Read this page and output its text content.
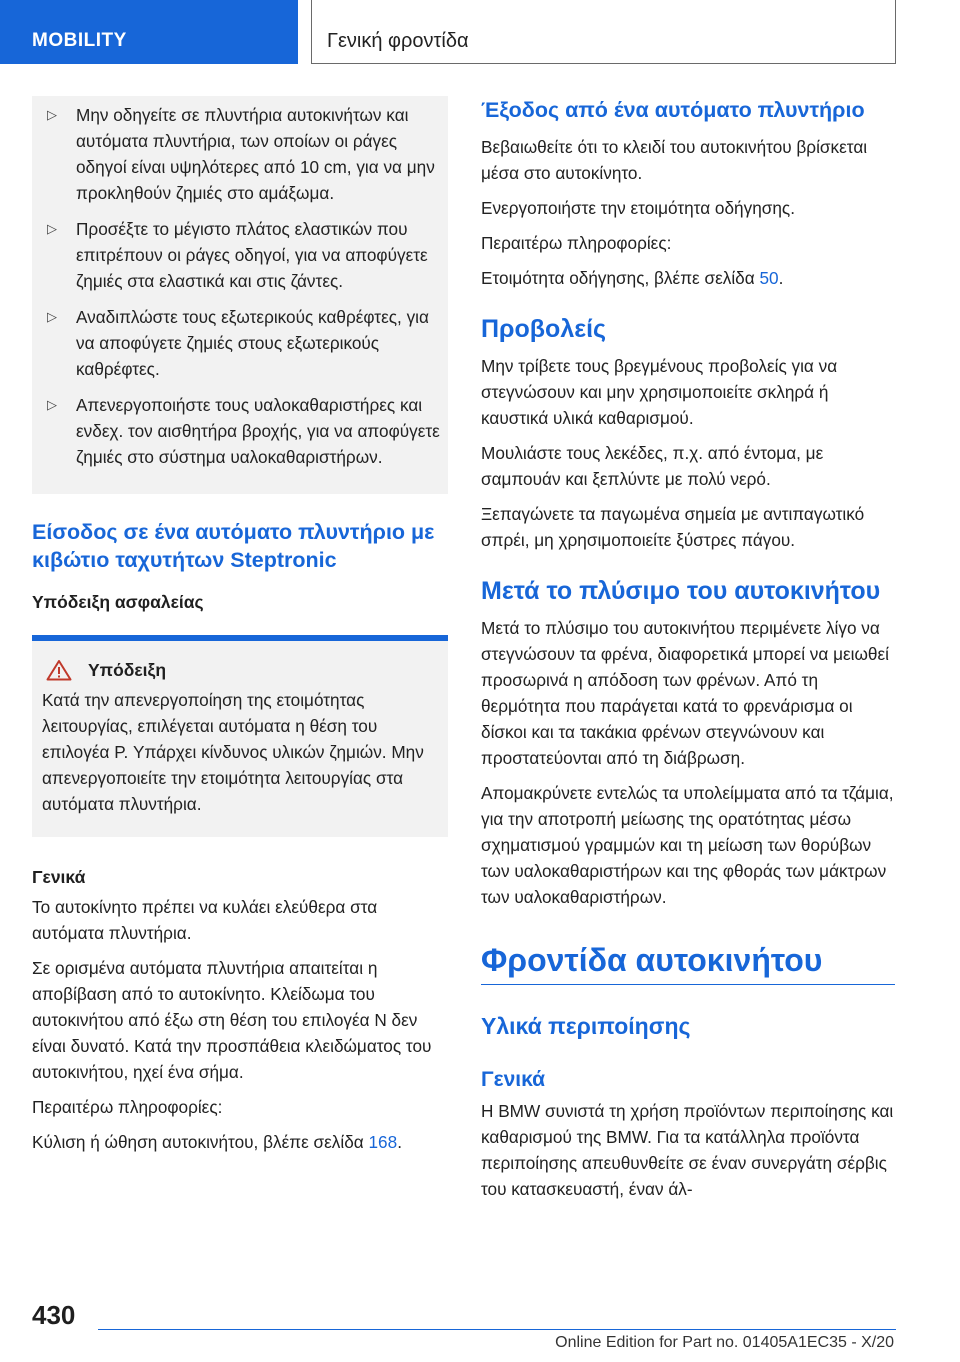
MOBILITY	Γενική φροντίδα
▷ Μην οδηγείτε σε πλυντήρια αυτοκινήτων και αυτόματα πλυντήρια, των οποίων οι ράγες οδηγοί είναι υψηλότερες από 10 cm, για να μην προκληθούν ζημιές στο αμάξωμα.
▷ Προσέξτε το μέγιστο πλάτος ελαστικών που επιτρέπουν οι ράγες οδηγοί, για να αποφύγετε ζημιές στα ελαστικά και στις ζάντες.
▷ Αναδιπλώστε τους εξωτερικούς καθρέφτες, για να αποφύγετε ζημιές στους εξωτερικούς καθρέφτες.
▷ Απενεργοποιήστε τους υαλοκαθαριστήρες και ενδεχ. τον αισθητήρα βροχής, για να αποφύγετε ζημιές στο σύστημα υαλοκαθαριστήρων.
Είσοδος σε ένα αυτόματο πλυντήριο με κιβώτιο ταχυτήτων Steptronic
Υπόδειξη ασφαλείας
Υπόδειξη

Κατά την απενεργοποίηση της ετοιμότητας λειτουργίας, επιλέγεται αυτόματα η θέση του επιλογέα P. Υπάρχει κίνδυνος υλικών ζημιών. Μην απενεργοποιείτε την ετοιμότητα λειτουργίας στα αυτόματα πλυντήρια.

Γενικά

Το αυτοκίνητο πρέπει να κυλάει ελεύθερα στα αυτόματα πλυντήρια.

Σε ορισμένα αυτόματα πλυντήρια απαιτείται η αποβίβαση από το αυτοκίνητο. Κλείδωμα του αυτοκινήτου από έξω στη θέση του επιλογέα N δεν είναι δυνατό. Κατά την προσπάθεια κλειδώματος του αυτοκινήτου, ηχεί ένα σήμα.

Περαιτέρω πληροφορίες:

Κύλιση ή ώθηση αυτοκινήτου, βλέπε σελίδα 168.

Έξοδος από ένα αυτόματο πλυντήριο

Βεβαιωθείτε ότι το κλειδί του αυτοκινήτου βρίσκεται μέσα στο αυτοκίνητο.

Ενεργοποιήστε την ετοιμότητα οδήγησης.

Περαιτέρω πληροφορίες:

Ετοιμότητα οδήγησης, βλέπε σελίδα 50.

Προβολείς

Μην τρίβετε τους βρεγμένους προβολείς για να στεγνώσουν και μην χρησιμοποιείτε σκληρά ή καυστικά υλικά καθαρισμού.

Μουλιάστε τους λεκέδες, π.χ. από έντομα, με σαμπουάν και ξεπλύντε με πολύ νερό.

Ξεπαγώνετε τα παγωμένα σημεία με αντιπαγωτικό σπρέι, μη χρησιμοποιείτε ξύστρες πάγου.

Μετά το πλύσιμο του αυτοκινήτου

Μετά το πλύσιμο του αυτοκινήτου περιμένετε λίγο να στεγνώσουν τα φρένα, διαφορετικά μπορεί να μειωθεί προσωρινά η απόδοση των φρένων. Από τη θερμότητα που παράγεται κατά το φρενάρισμα οι δίσκοι και τα τακάκια φρένων στεγνώνουν και προστατεύονται από τη διάβρωση.

Απομακρύνετε εντελώς τα υπολείμματα από τα τζάμια, για την αποτροπή μείωσης της ορατότητας μέσω σχηματισμού γραμμών και τη μείωση των θορύβων των υαλοκαθαριστήρων και της φθοράς των μάκτρων των υαλοκαθαριστήρων.

Φροντίδα αυτοκινήτου
Υλικά περιποίησης
Γενικά

Η BMW συνιστά τη χρήση προϊόντων περιποίησης και καθαρισμού της BMW. Για τα κατάλληλα προϊόντα περιποίησης απευθυνθείτε σε έναν συνεργάτη σέρβις του κατασκευαστή, έναν άλ-

430
Online Edition for Part no. 01405A1EC35 - X/20
